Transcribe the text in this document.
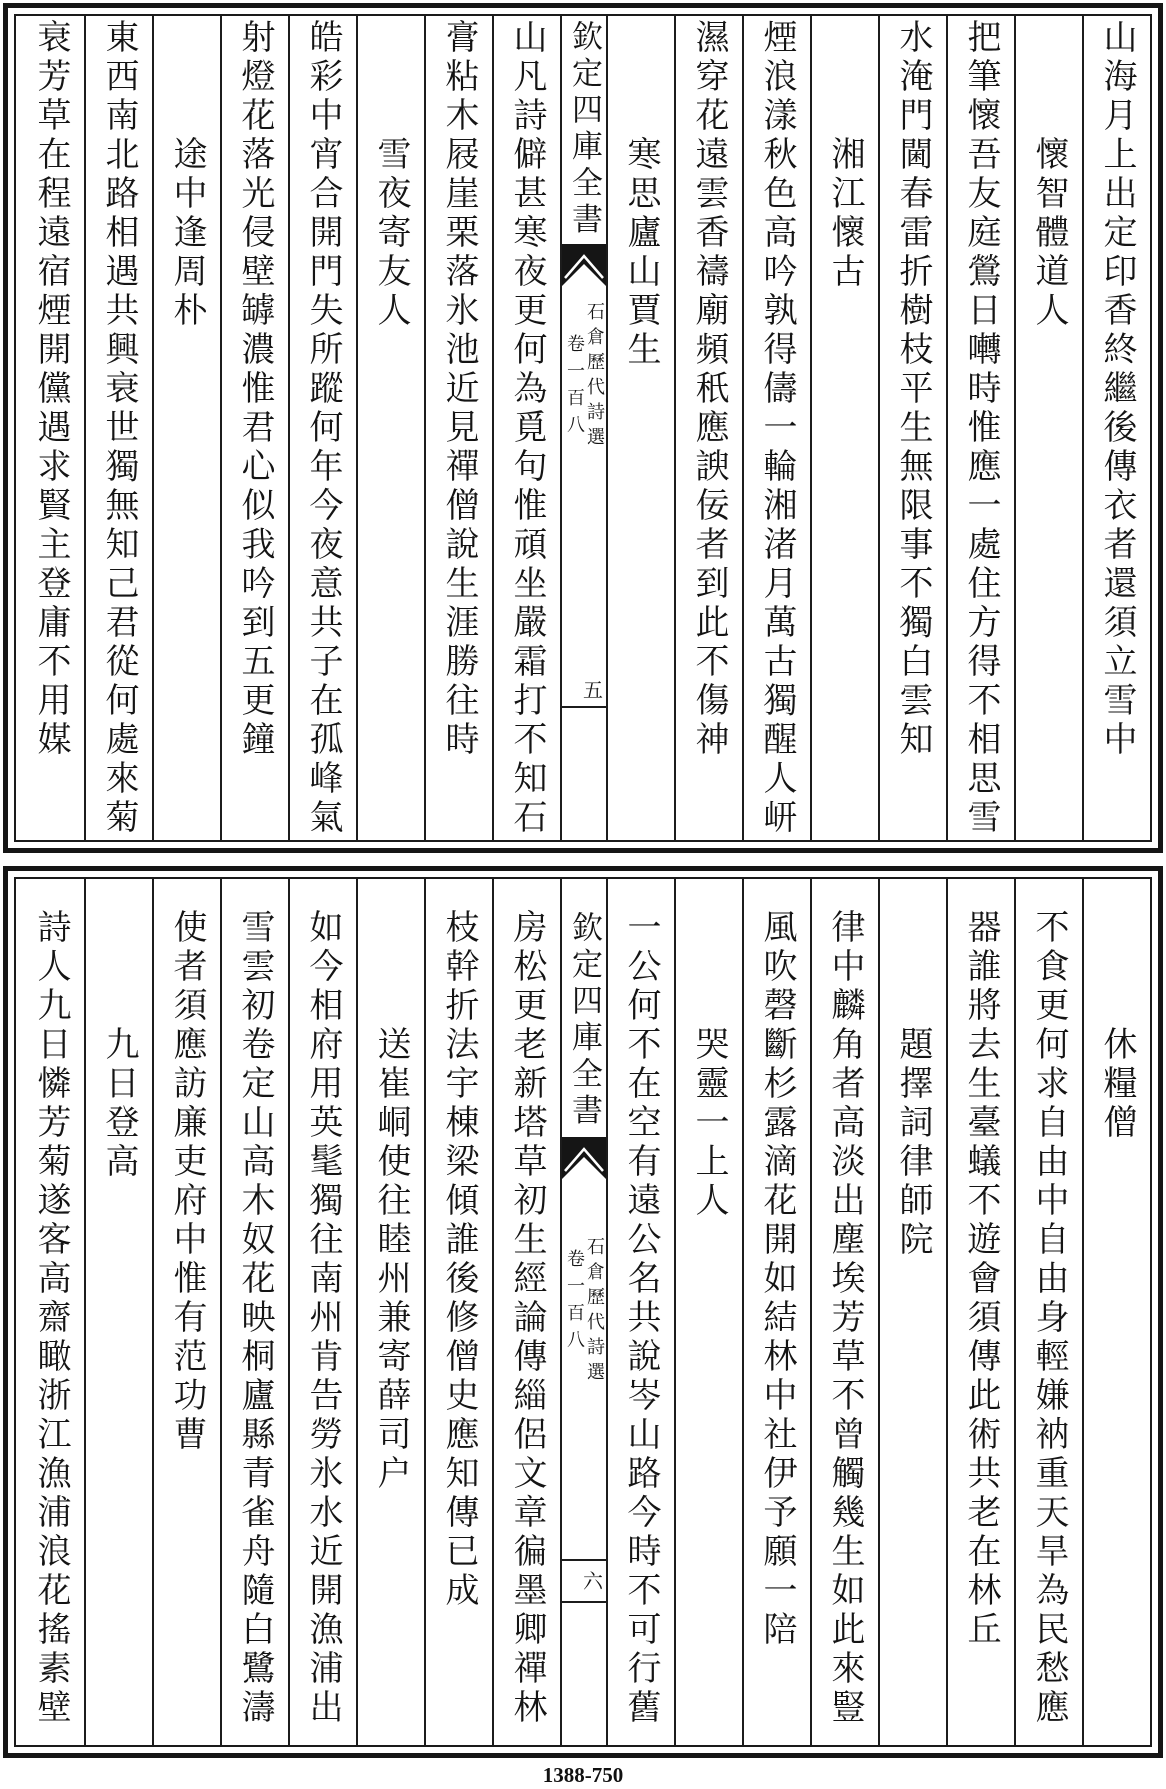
山海月上出定印香終繼後傳衣者還須立雪中
懷智體道人
把筆懷吾友庭鶯日囀時惟應一處住方得不相思雪
水淹門閫春雷折樹枝平生無限事不獨白雲知
湘江懷古
煙浪漾秋色高吟孰得儔一輪湘渚月萬古獨醒人岍
濕穿花遠雲香禱廟頻秖應諛佞者到此不傷神
寒思廬山賈生
欽定四庫全書
石倉歷代詩選
卷一百八
五
山凡詩僻甚寒夜更何為覓句惟頑坐嚴霜打不知石
膏粘木屐崖栗落氷池近見禪僧說生涯勝往時
雪夜寄友人
皓彩中宵合開門失所蹤何年今夜意共子在孤峰氣
射燈花落光侵壁罅濃惟君心似我吟到五更鐘
途中逢周朴
東西南北路相遇共興衰世獨無知己君從何處來菊
衰芳草在程遠宿煙開儻遇求賢主登庸不用媒
休糧僧
不食更何求自由中自由身輕嫌衲重天旱為民愁應
器誰將去生臺蟻不遊會須傳此術共老在林丘
題擇詞律師院
律中麟角者高淡出塵埃芳草不曾觸幾生如此來豎
風吹磬斷杉露滴花開如結林中社伊予願一陪
哭靈一上人
一公何不在空有遠公名共說岑山路今時不可行舊
欽定四庫全書
石倉歷代詩選
卷一百八
六
房松更老新塔草初生經論傳緇侶文章徧墨卿禪林
枝幹折法宇棟梁傾誰後修僧史應知傳已成
送崔峒使往睦州兼寄薛司户
如今相府用英髦獨往南州肯告勞氷水近開漁浦出
雪雲初卷定山高木奴花映桐廬縣青雀舟隨白鷺濤
使者須應訪廉吏府中惟有范功曹
九日登高
詩人九日憐芳菊遂客高齋瞰浙江漁浦浪花搖素壁
1388-750
